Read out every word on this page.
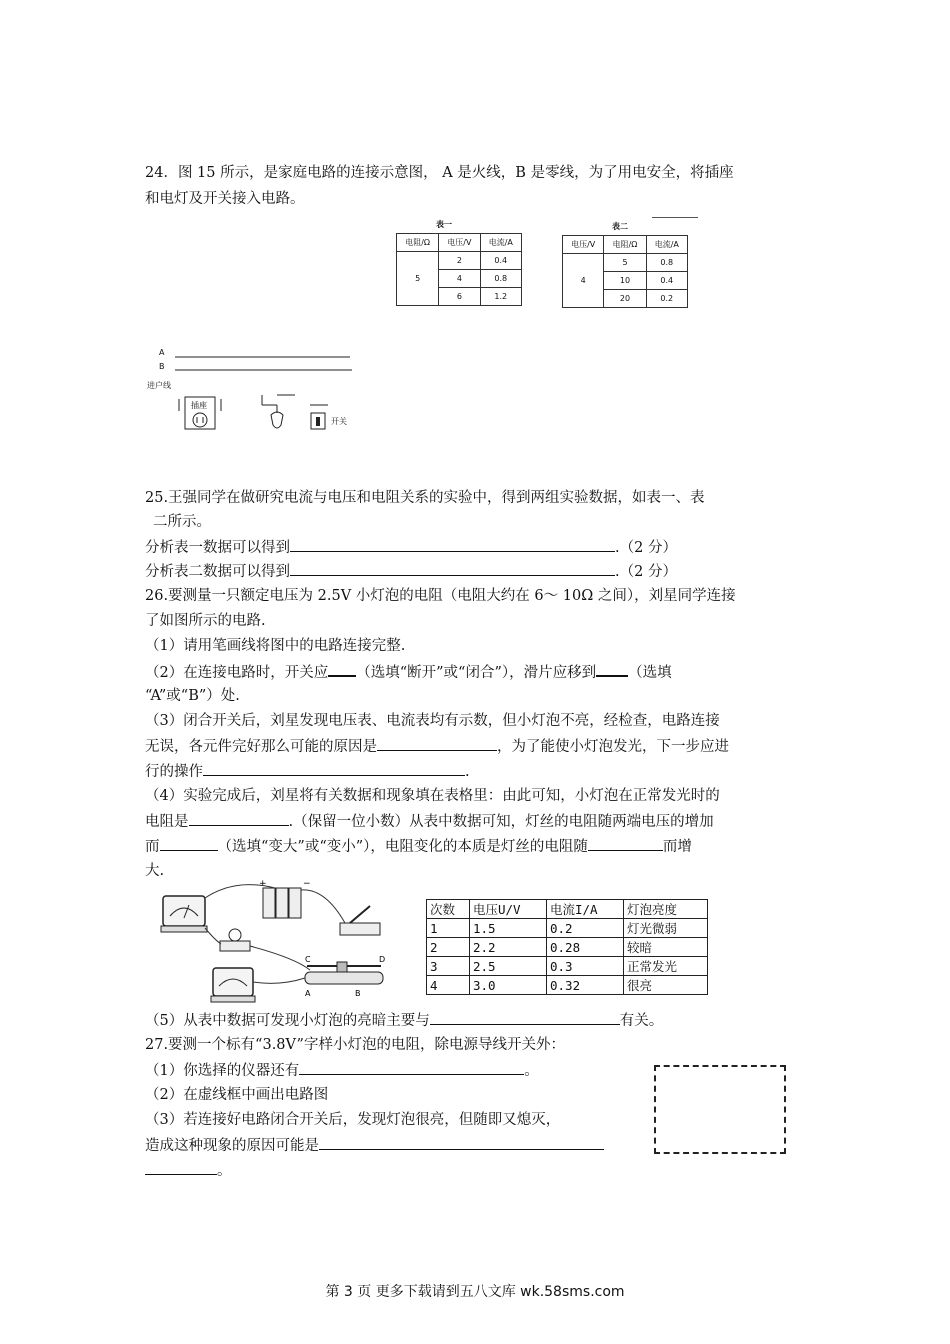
24．图 15 所示，是家庭电路的连接示意图， A 是火线，B 是零线，为了用电安全，将插座
和电灯及开关接入电路。
表一
电阻/Ω	电压/V	电流/A
5	2	0.4
	4	0.8
	6	1.2
表二
电压/V	电阻/Ω	电流/A
4	5	0.8
	10	0.4
	20	0.2
A
B
进户线
插座
开关
25.王强同学在做研究电流与电压和电阻关系的实验中，得到两组实验数据，如表一、表
二所示。
分析表一数据可以得到	.（2 分）
分析表二数据可以得到	.（2 分）
26.要测量一只额定电压为 2.5V 小灯泡的电阻（电阻大约在 6～ 10Ω 之间），刘星同学连接
了如图所示的电路.
（1）请用笔画线将图中的电路连接完整.
（2）在连接电路时，开关应 （选填“断开”或“闭合”），滑片应移到 （选填
“A”或“B”）处.
（3）闭合开关后，刘星发现电压表、电流表均有示数，但小灯泡不亮，经检查，电路连接
无误，各元件完好那么可能的原因是	，为了能使小灯泡发光，下一步应进
行的操作	.
（4）实验完成后，刘星将有关数据和现象填在表格里：由此可知，小灯泡在正常发光时的
电阻是	.（保留一位小数）从表中数据可知，灯丝的电阻随两端电压的增加
而	（选填“变大”或“变小”），电阻变化的本质是灯丝的电阻随	而增
大.
+	−
C	D
A	B
次数	电压U/V	电流I/A	灯泡亮度
1	1.5	0.2	灯光微弱
2	2.2	0.28	较暗
3	2.5	0.3	正常发光
4	3.0	0.32	很亮
（5）从表中数据可发现小灯泡的亮暗主要与	有关。
27.要测一个标有“3.8V”字样小灯泡的电阻，除电源导线开关外：
（1）你选择的仪器还有	。
（2）在虚线框中画出电路图
（3）若连接好电路闭合开关后，发现灯泡很亮，但随即又熄灭，
造成这种现象的原因可能是
。
第 3 页 更多下载请到五八文库 wk.58sms.com
